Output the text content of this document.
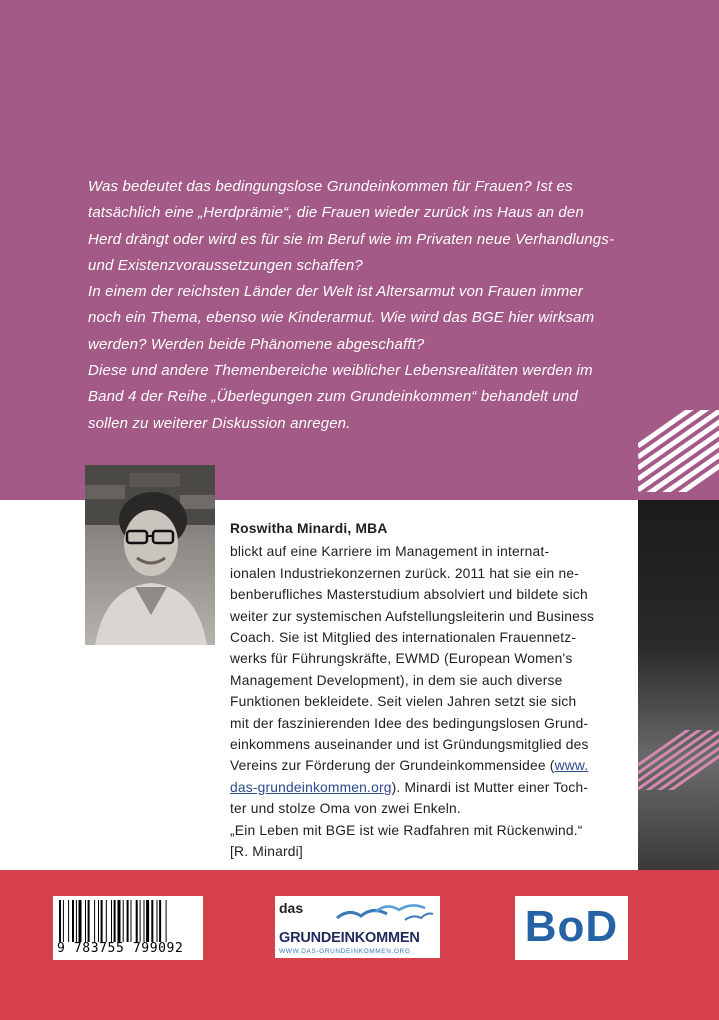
Was bedeutet das bedingungslose Grundeinkommen für Frauen? Ist es tatsächlich eine „Herdprämie“, die Frauen wieder zurück ins Haus an den Herd drängt oder wird es für sie im Beruf wie im Privaten neue Verhandlungs- und Existenzvoraussetzungen schaffen?

In einem der reichsten Länder der Welt ist Altersarmut von Frauen immer noch ein Thema, ebenso wie Kinderarmut. Wie wird das BGE hier wirksam werden? Werden beide Phänomene abgeschafft?

Diese und andere Themenbereiche weiblicher Lebensrealitäten werden im Band 4 der Reihe „Überlegungen zum Grundeinkommen“ behandelt und sollen zu weiterer Diskussion anregen.

Roswitha Minardi, MBA

blickt auf eine Karriere im Management in internat-
ionalen Industriekonzernen zurück. 2011 hat sie ein ne-
benberufliches Masterstudium absolviert und bildete sich
weiter zur systemischen Aufstellungsleiterin und Business
Coach. Sie ist Mitglied des internationalen Frauennetz-
werks für Führungskräfte, EWMD (European Women's
Management Development), in dem sie auch diverse
Funktionen bekleidete. Seit vielen Jahren setzt sie sich
mit der faszinierenden Idee des bedingungslosen Grund-
einkommens auseinander und ist Gründungsmitglied des
Vereins zur Förderung der Grundeinkommensidee (www.
das-grundeinkommen.org). Minardi ist Mutter einer Toch-
ter und stolze Oma von zwei Enkeln.
„Ein Leben mit BGE ist wie Radfahren mit Rückenwind.“
[R. Minardi]

9 783755 799092
das
GRUNDEINKOMMEN
WWW.DAS-GRUNDEINKOMMEN.ORG
BoD
